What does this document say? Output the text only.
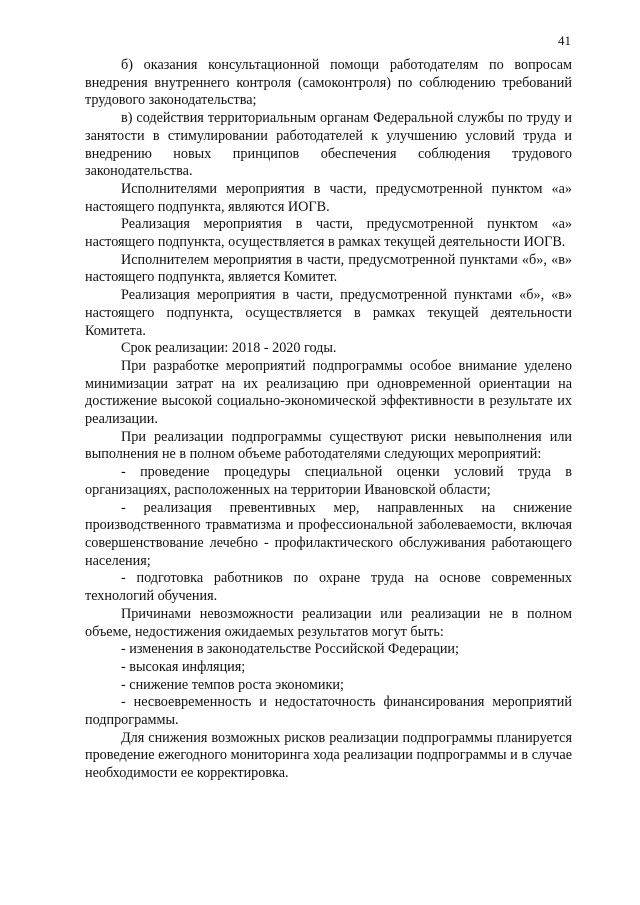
41

б) оказания консультационной помощи работодателям по вопросам внедрения внутреннего контроля (самоконтроля) по соблюдению требований трудового законодательства;

в) содействия территориальным органам Федеральной службы по труду и занятости в стимулировании работодателей к улучшению условий труда и внедрению новых принципов обеспечения соблюдения трудового законодательства.

Исполнителями мероприятия в части, предусмотренной пунктом «а» настоящего подпункта, являются ИОГВ.

Реализация мероприятия в части, предусмотренной пунктом «а» настоящего подпункта, осуществляется в рамках текущей деятельности ИОГВ.

Исполнителем мероприятия в части, предусмотренной пунктами «б», «в» настоящего подпункта, является Комитет.

Реализация мероприятия в части, предусмотренной пунктами «б», «в» настоящего подпункта, осуществляется в рамках текущей деятельности Комитета.

Срок реализации: 2018 - 2020 годы.

При разработке мероприятий подпрограммы особое внимание уделено минимизации затрат на их реализацию при одновременной ориентации на достижение высокой социально-экономической эффективности в результате их реализации.

При реализации подпрограммы существуют риски невыполнения или выполнения не в полном объеме работодателями следующих мероприятий:

- проведение процедуры специальной оценки условий труда в организациях, расположенных на территории Ивановской области;

- реализация превентивных мер, направленных на снижение производственного травматизма и профессиональной заболеваемости, включая совершенствование лечебно - профилактического обслуживания работающего населения;

- подготовка работников по охране труда на основе современных технологий обучения.

Причинами невозможности реализации или реализации не в полном объеме, недостижения ожидаемых результатов могут быть:

- изменения в законодательстве Российской Федерации;

- высокая инфляция;

- снижение темпов роста экономики;

- несвоевременность и недостаточность финансирования мероприятий подпрограммы.

Для снижения возможных рисков реализации подпрограммы планируется проведение ежегодного мониторинга хода реализации подпрограммы и в случае необходимости ее корректировка.
